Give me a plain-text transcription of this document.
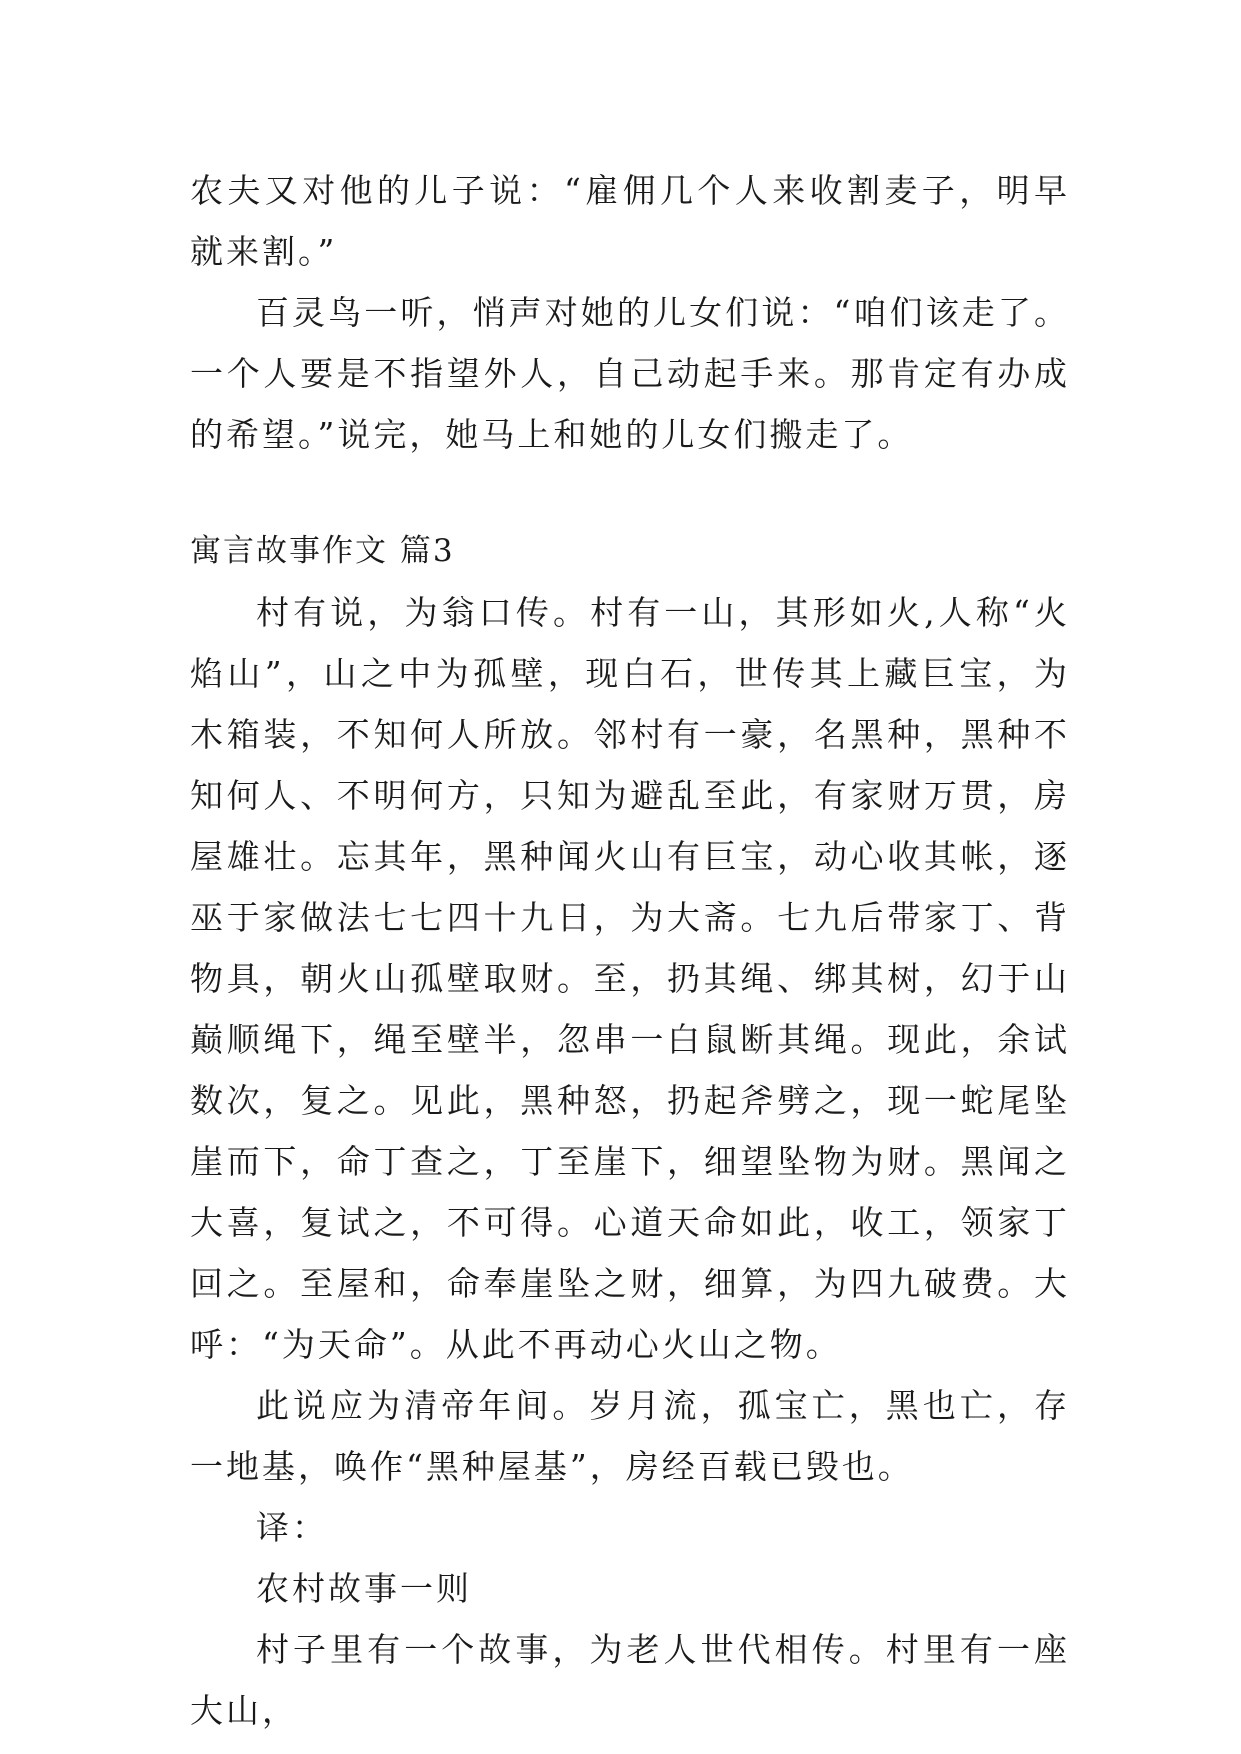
农夫又对他的儿子说：“雇佣几个人来收割麦子，明早就来割。”

百灵鸟一听，悄声对她的儿女们说：“咱们该走了。一个人要是不指望外人，自己动起手来。那肯定有办成的希望。”说完，她马上和她的儿女们搬走了。

寓言故事作文 篇3

村有说，为翁口传。村有一山，其形如火,人称“火焰山”，山之中为孤壁，现白石，世传其上藏巨宝，为木箱装，不知何人所放。邻村有一豪，名黑种，黑种不知何人、不明何方，只知为避乱至此，有家财万贯，房屋雄壮。忘其年，黑种闻火山有巨宝，动心收其帐，逐巫于家做法七七四十九日，为大斋。七九后带家丁、背物具，朝火山孤壁取财。至，扔其绳、绑其树，幻于山巅顺绳下，绳至壁半，忽串一白鼠断其绳。现此，余试数次，复之。见此，黑种怒，扔起斧劈之，现一蛇尾坠崖而下，命丁查之，丁至崖下，细望坠物为财。黑闻之大喜，复试之，不可得。心道天命如此，收工，领家丁回之。至屋和，命奉崖坠之财，细算，为四九破费。大呼：“为天命”。从此不再动心火山之物。

此说应为清帝年间。岁月流，孤宝亡，黑也亡，存一地基，唤作“黑种屋基”，房经百载已毁也。

译：

农村故事一则

村子里有一个故事，为老人世代相传。村里有一座大山，
